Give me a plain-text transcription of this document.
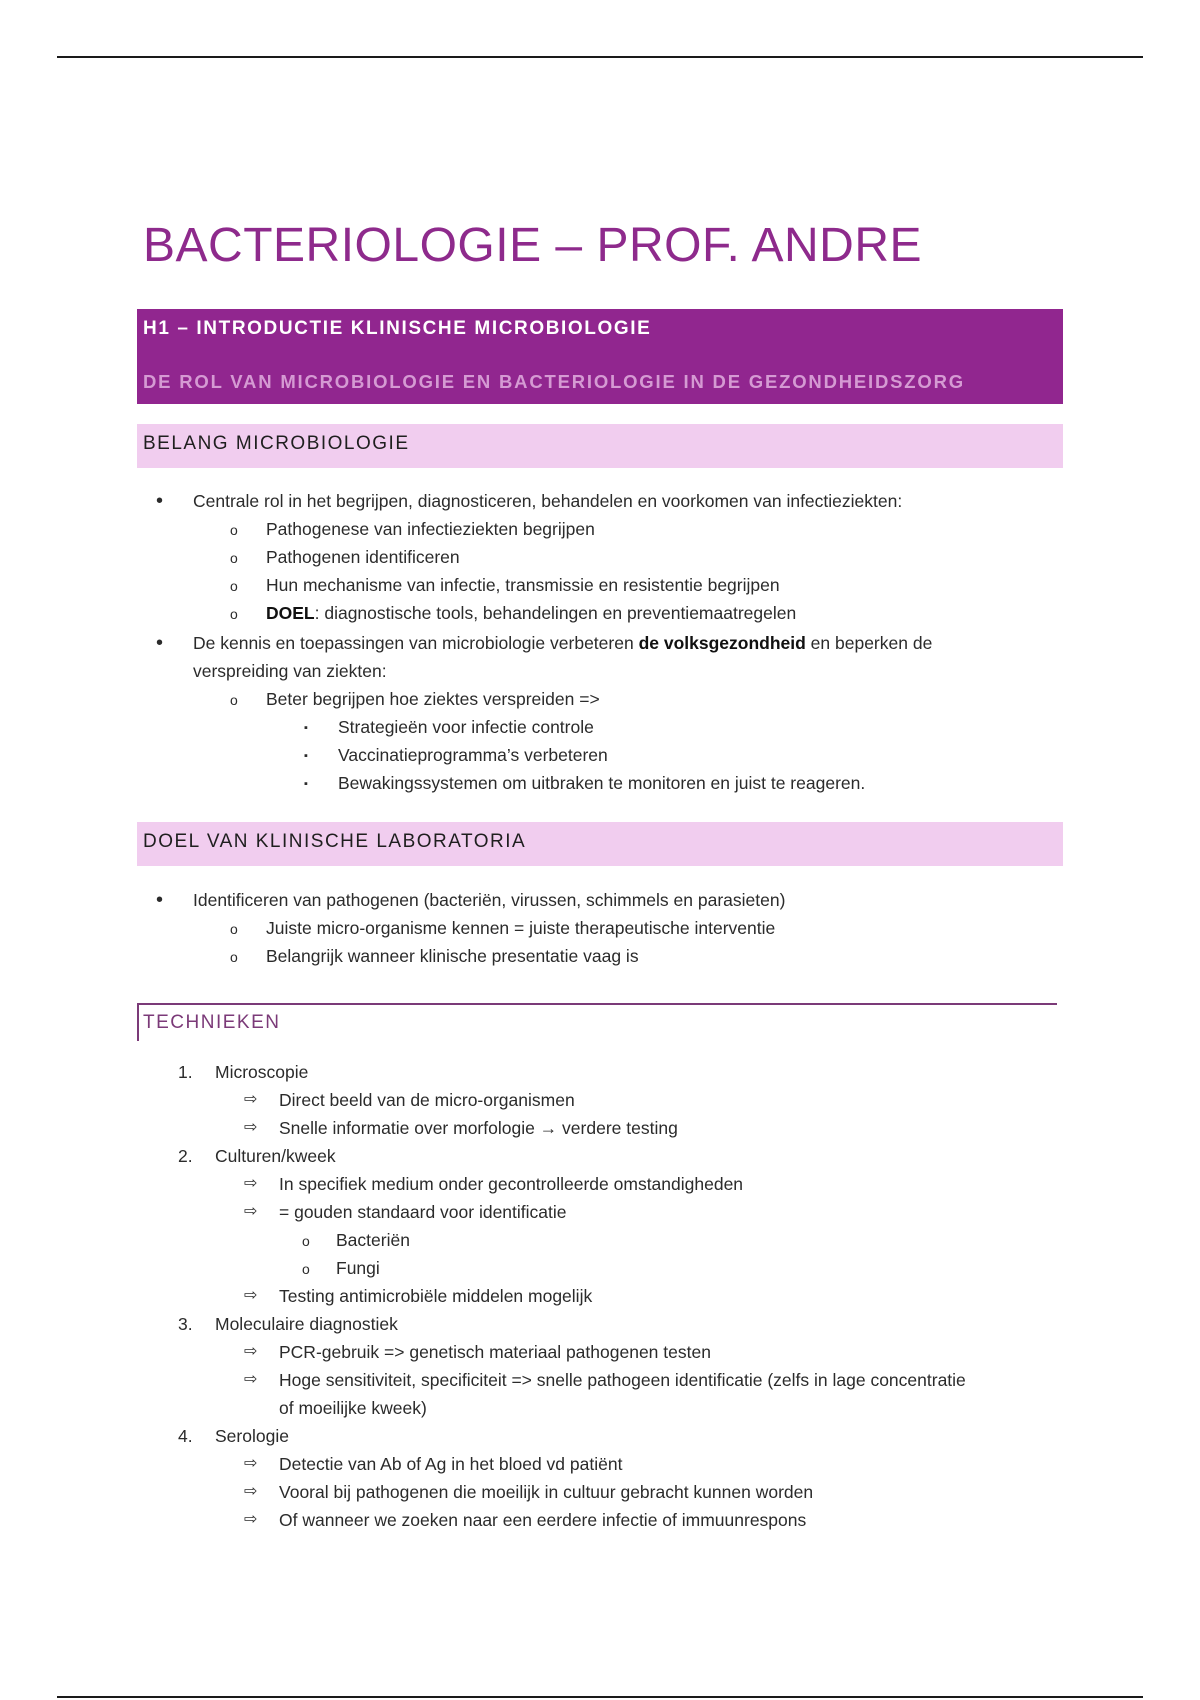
BACTERIOLOGIE – PROF. ANDRE
H1 – INTRODUCTIE KLINISCHE MICROBIOLOGIE
DE ROL VAN MICROBIOLOGIE EN BACTERIOLOGIE IN DE GEZONDHEIDSZORG
BELANG MICROBIOLOGIE
• Centrale rol in het begrijpen, diagnosticeren, behandelen en voorkomen van infectieziekten:
o Pathogenese van infectieziekten begrijpen
o Pathogenen identificeren
o Hun mechanisme van infectie, transmissie en resistentie begrijpen
o DOEL: diagnostische tools, behandelingen en preventiemaatregelen
• De kennis en toepassingen van microbiologie verbeteren de volksgezondheid en beperken de
verspreiding van ziekten:
o Beter begrijpen hoe ziektes verspreiden =>
▪ Strategieën voor infectie controle
▪ Vaccinatieprogramma’s verbeteren
▪ Bewakingssystemen om uitbraken te monitoren en juist te reageren.
DOEL VAN KLINISCHE LABORATORIA
• Identificeren van pathogenen (bacteriën, virussen, schimmels en parasieten)
o Juiste micro-organisme kennen = juiste therapeutische interventie
o Belangrijk wanneer klinische presentatie vaag is
TECHNIEKEN
1. Microscopie
⇨ Direct beeld van de micro-organismen
⇨ Snelle informatie over morfologie → verdere testing
2. Culturen/kweek
⇨ In specifiek medium onder gecontrolleerde omstandigheden
⇨ = gouden standaard voor identificatie
o Bacteriën
o Fungi
⇨ Testing antimicrobiële middelen mogelijk
3. Moleculaire diagnostiek
⇨ PCR-gebruik => genetisch materiaal pathogenen testen
⇨ Hoge sensitiviteit, specificiteit => snelle pathogeen identificatie (zelfs in lage concentratie
of moeilijke kweek)
4. Serologie
⇨ Detectie van Ab of Ag in het bloed vd patiënt
⇨ Vooral bij pathogenen die moeilijk in cultuur gebracht kunnen worden
⇨ Of wanneer we zoeken naar een eerdere infectie of immuunrespons
